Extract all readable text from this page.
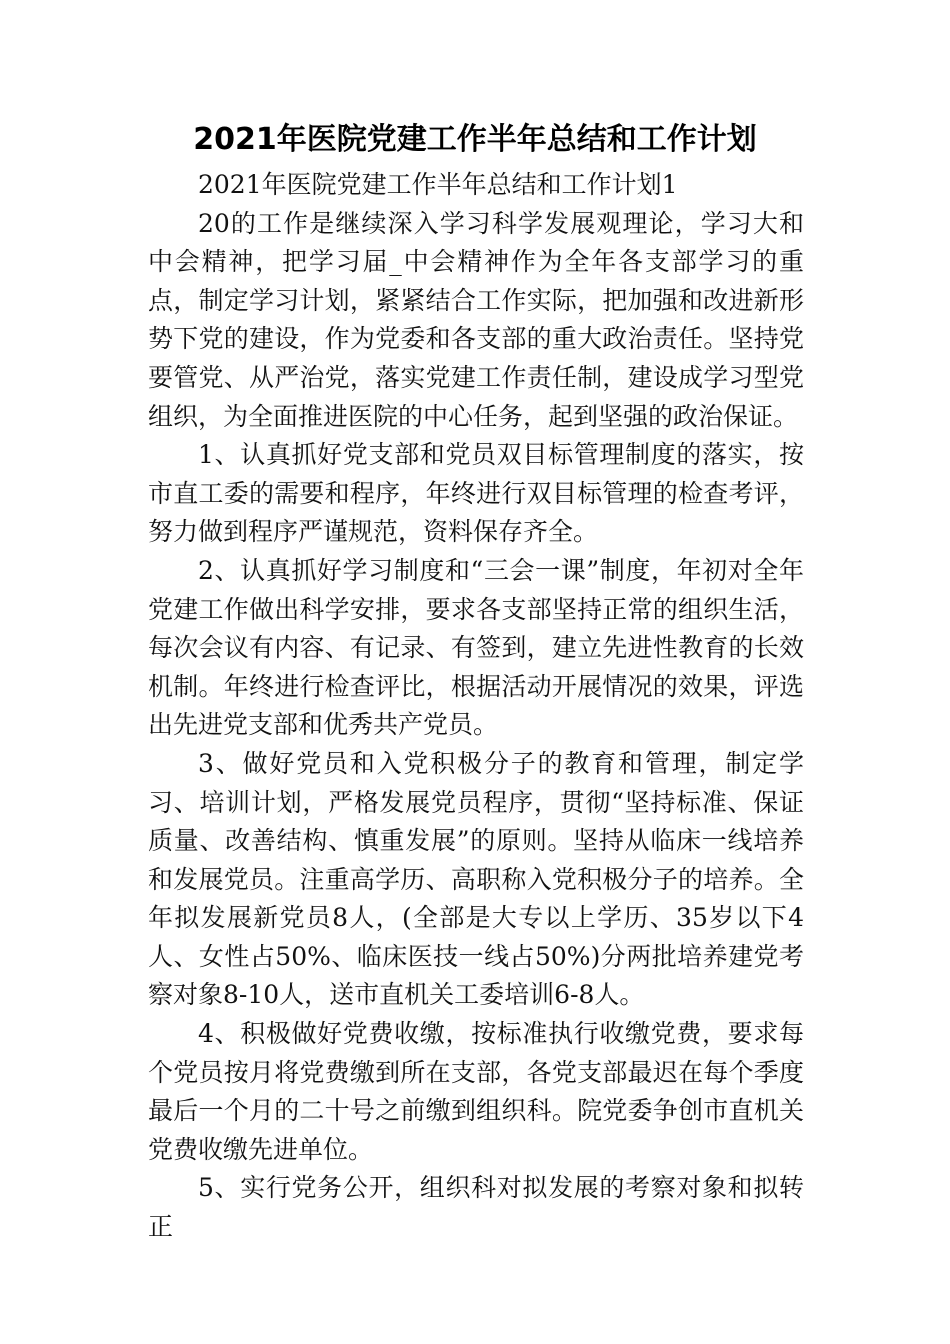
2021年医院党建工作半年总结和工作计划

2021年医院党建工作半年总结和工作计划1

20的工作是继续深入学习科学发展观理论，学习大和中会精神，把学习届_中会精神作为全年各支部学习的重点，制定学习计划，紧紧结合工作实际，把加强和改进新形势下党的建设，作为党委和各支部的重大政治责任。坚持党要管党、从严治党，落实党建工作责任制，建设成学习型党组织，为全面推进医院的中心任务，起到坚强的政治保证。

1、认真抓好党支部和党员双目标管理制度的落实，按市直工委的需要和程序，年终进行双目标管理的检查考评，努力做到程序严谨规范，资料保存齐全。

2、认真抓好学习制度和“三会一课”制度，年初对全年党建工作做出科学安排，要求各支部坚持正常的组织生活，每次会议有内容、有记录、有签到，建立先进性教育的长效机制。年终进行检查评比，根据活动开展情况的效果，评选出先进党支部和优秀共产党员。

3、做好党员和入党积极分子的教育和管理，制定学习、培训计划，严格发展党员程序，贯彻“坚持标准、保证质量、改善结构、慎重发展”的原则。坚持从临床一线培养和发展党员。注重高学历、高职称入党积极分子的培养。全年拟发展新党员8人，(全部是大专以上学历、35岁以下4人、女性占50%、临床医技一线占50%)分两批培养建党考察对象8-10人，送市直机关工委培训6-8人。

4、积极做好党费收缴，按标准执行收缴党费，要求每个党员按月将党费缴到所在支部，各党支部最迟在每个季度最后一个月的二十号之前缴到组织科。院党委争创市直机关党费收缴先进单位。

5、实行党务公开，组织科对拟发展的考察对象和拟转正
